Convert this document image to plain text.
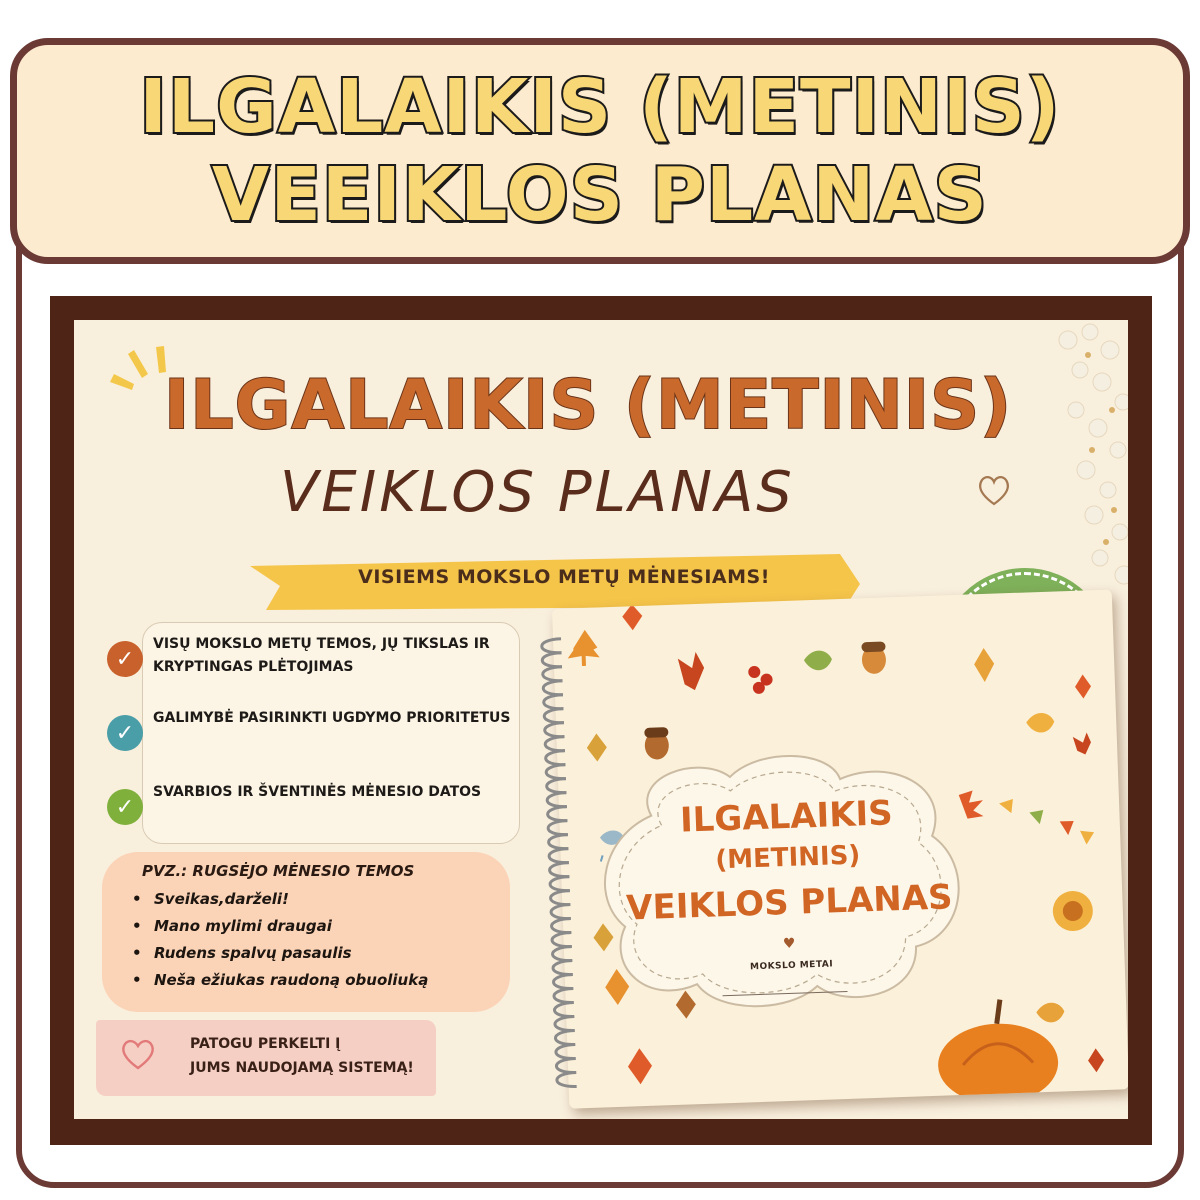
ILGALAIKIS (METINIS)
VEEIKLOS PLANAS
ILGALAIKIS (METINIS)
VEIKLOS PLANAS
VISIEMS MOKSLO METŲ MĖNESIAMS!
✓
VISŲ MOKSLO METŲ TEMOS, JŲ TIKSLAS IR KRYPTINGAS PLĖTOJIMAS
✓
GALIMYBĖ PASIRINKTI UGDYMO PRIORITETUS
✓
SVARBIOS IR ŠVENTINĖS MĖNESIO DATOS
PVZ.: RUGSĖJO MĖNESIO TEMOS
• Sveikas,darželi!
• Mano mylimi draugai
• Rudens spalvų pasaulis
• Neša ežiukas raudoną obuoliuką
PATOGU PERKELTI Į
JUMS NAUDOJAMĄ SISTEMĄ!
ILGALAIKIS
(METINIS)
VEIKLOS PLANAS
♥
MOKSLO METAI
